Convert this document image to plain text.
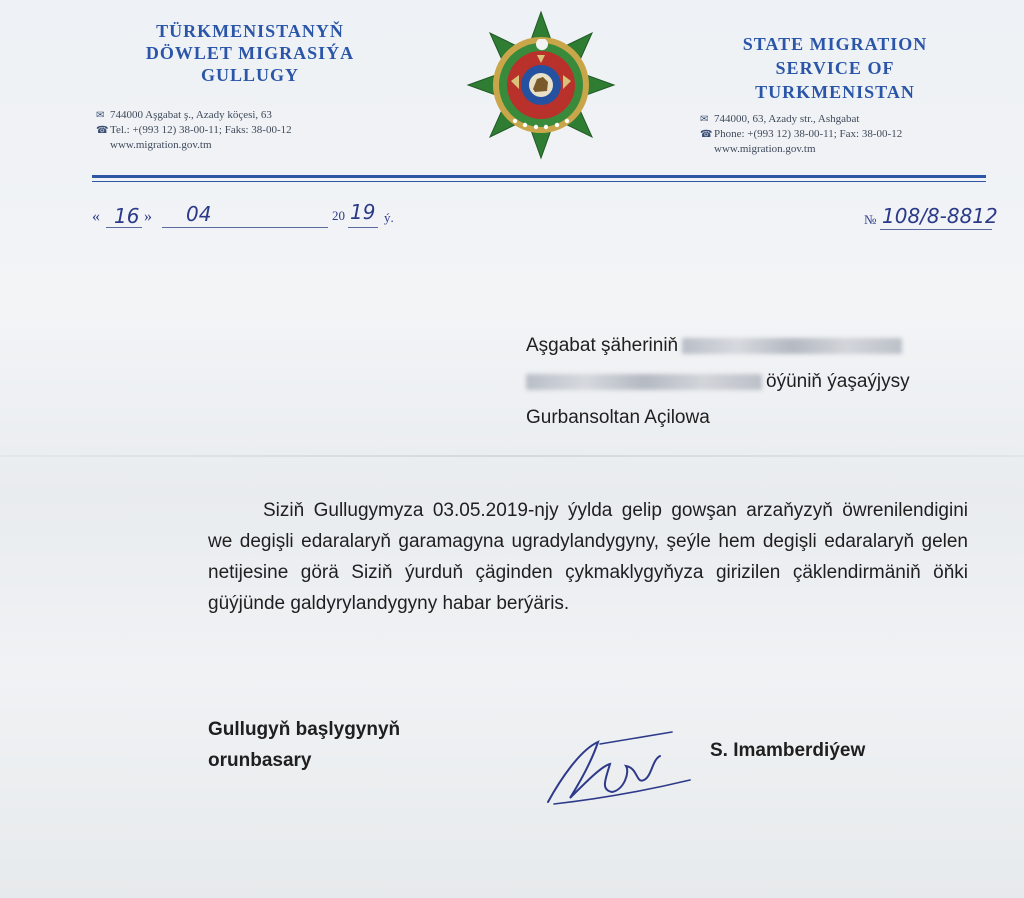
TÜRKMENISTANYŇ
DÖWLET MIGRASIÝA
GULLUGY
✉ 744000 Aşgabat ş., Azady köçesi, 63
☎ Tel.: +(993 12) 38-00-11; Faks: 38-00-12
www.migration.gov.tm
STATE MIGRATION
SERVICE OF
TURKMENISTAN
✉ 744000, 63, Azady str., Ashgabat
☎ Phone: +(993 12) 38-00-11; Fax: 38-00-12
www.migration.gov.tm
« 16 » 04	20 19 ý.	№ 108/8-8812
Aşgabat şäheriniň
öýüniň ýaşaýjysy
Gurbansoltan Açilowa
Siziň Gullugymyza 03.05.2019-njy ýylda gelip gowşan arzaňyzyň öwrenilendigini we degişli edaralaryň garamagyna ugradylandygyny, şeýle hem degişli edaralaryň gelen netijesine görä Siziň ýurduň çäginden çykmaklygyňyza girizilen çäklendirmäniň öňki güýjünde galdyrylandygyny habar berýäris.
Gullugyň başlygynyň
orunbasary	S. Imamberdiýew
